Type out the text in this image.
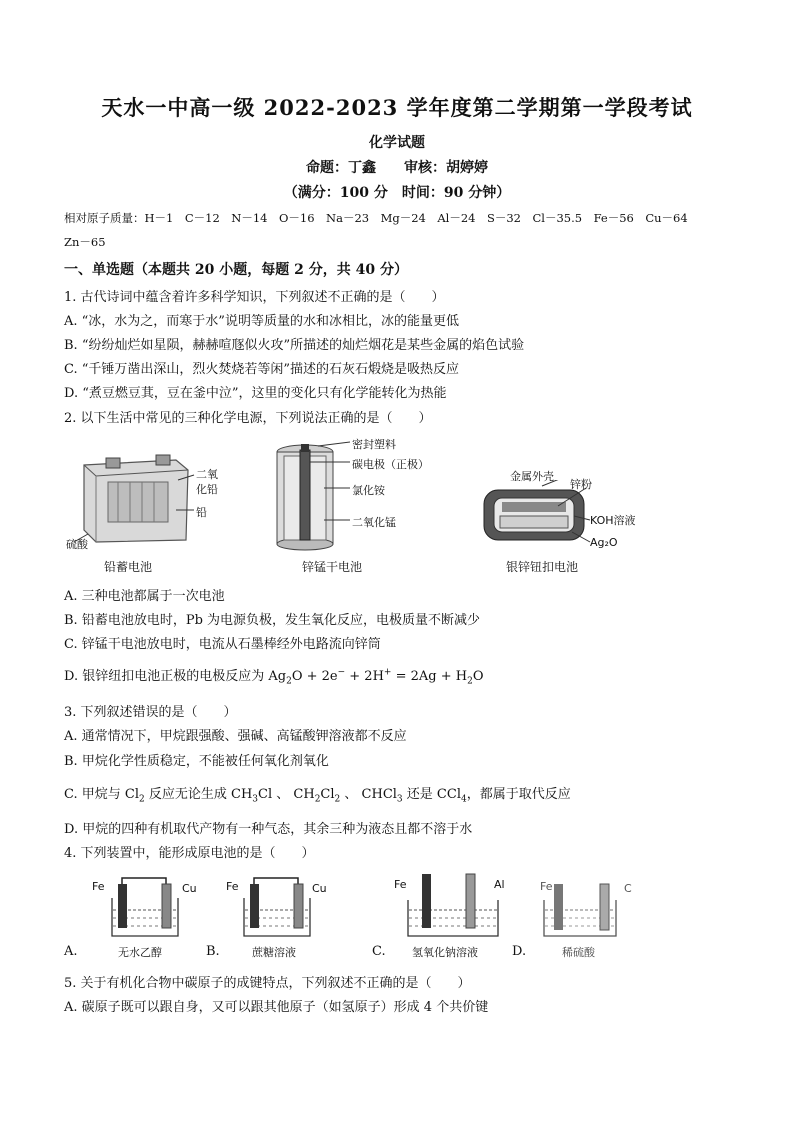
天水一中高一级 2022-2023 学年度第二学期第一学段考试
化学试题
命题：丁鑫　　审核：胡婷婷
（满分：100 分　时间：90 分钟）
相对原子质量：H－1　C－12　N－14　O－16　Na－23　Mg－24　Al－24　S－32　Cl－35.5　Fe－56　Cu－64
Zn－65
一、单选题（本题共 20 小题，每题 2 分，共 40 分）
1. 古代诗词中蕴含着许多科学知识，下列叙述不正确的是（　　）
A. “冰，水为之，而寒于水”说明等质量的水和冰相比，冰的能量更低
B. “纷纷灿烂如星陨，赫赫喧豗似火攻”所描述的灿烂烟花是某些金属的焰色试验
C. “千锤万凿出深山，烈火焚烧若等闲”描述的石灰石煅烧是吸热反应
D. “煮豆燃豆萁，豆在釜中泣”，这里的变化只有化学能转化为热能
2. 以下生活中常见的三种化学电源，下列说法正确的是（　　）
二氧
化铅
铅
硫酸
铅蓄电池
密封塑料
碳电极（正极）
氯化铵
二氧化锰
锌锰干电池
金属外壳
锌粉
KOH溶液
Ag₂O
银锌钮扣电池
A. 三种电池都属于一次电池
B. 铅蓄电池放电时，Pb 为电源负极，发生氧化反应，电极质量不断减少
C. 锌锰干电池放电时，电流从石墨棒经外电路流向锌筒
D. 银锌纽扣电池正极的电极反应为 $Ag_2O + 2e^- + 2H^+ = 2Ag + H_2O$
3. 下列叙述错误的是（　　）
A. 通常情况下，甲烷跟强酸、强碱、高锰酸钾溶液都不反应
B. 甲烷化学性质稳定，不能被任何氧化剂氧化
C. 甲烷与 $Cl_2$ 反应无论生成 $CH_3Cl$ 、 $CH_2Cl_2$ 、 CHCl$_3$ 还是 CCl$_4$，都属于取代反应
D. 甲烷的四种有机取代产物有一种气态，其余三种为液态且都不溶于水
4. 下列装置中，能形成原电池的是（　　）
Fe	Cu
无水乙醇
A.
Fe	Cu
蔗糖溶液
B.
Fe	Al
氢氧化钠溶液
C.
Fe	C
稀硫酸
D.
5. 关于有机化合物中碳原子的成键特点，下列叙述不正确的是（　　）
A. 碳原子既可以跟自身，又可以跟其他原子（如氢原子）形成 4 个共价键
